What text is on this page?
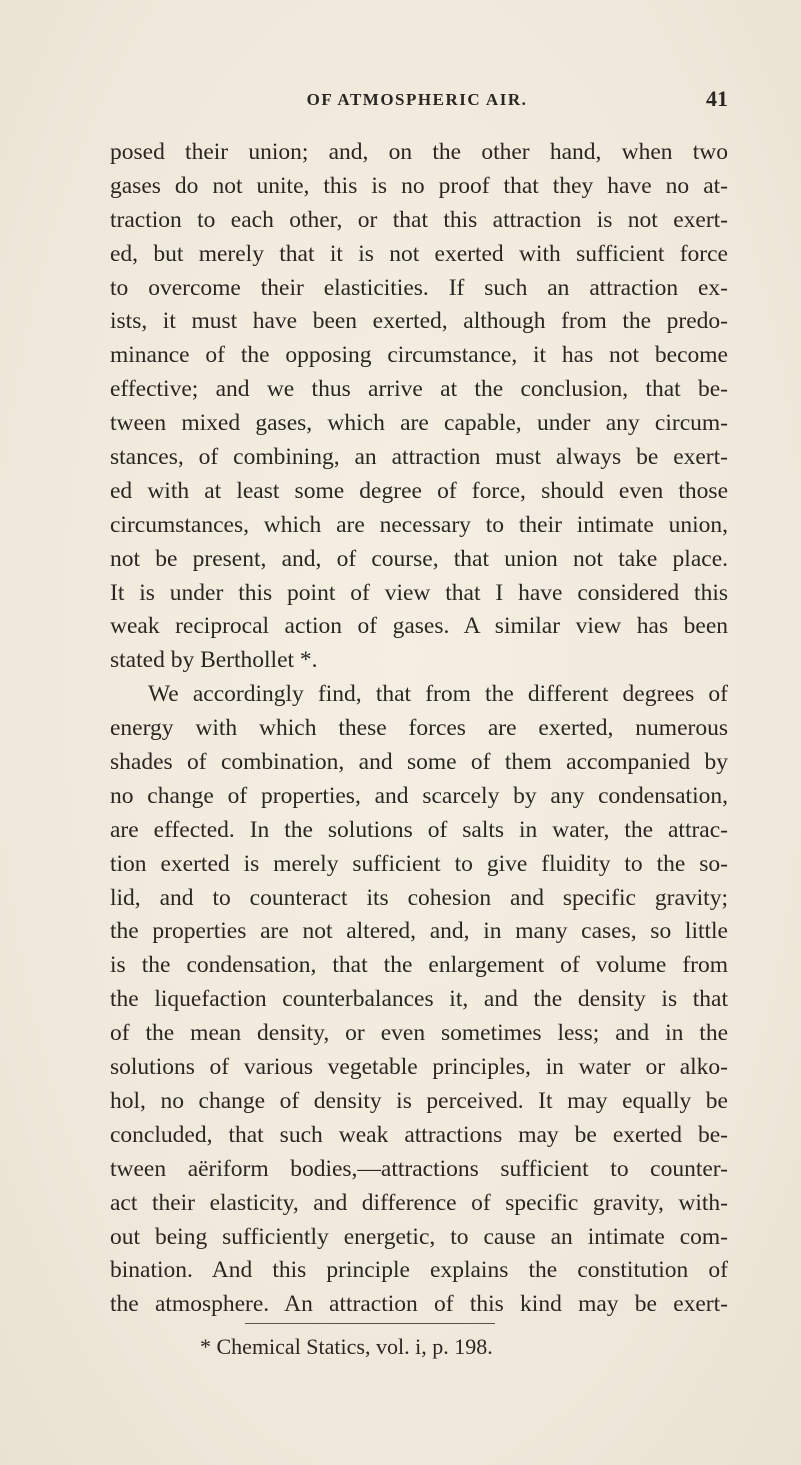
OF ATMOSPHERIC AIR.	41
posed their union; and, on the other hand, when two
gases do not unite, this is no proof that they have no at-
traction to each other, or that this attraction is not exert-
ed, but merely that it is not exerted with sufficient force
to overcome their elasticities. If such an attraction ex-
ists, it must have been exerted, although from the predo-
minance of the opposing circumstance, it has not become
effective; and we thus arrive at the conclusion, that be-
tween mixed gases, which are capable, under any circum-
stances, of combining, an attraction must always be exert-
ed with at least some degree of force, should even those
circumstances, which are necessary to their intimate union,
not be present, and, of course, that union not take place.
It is under this point of view that I have considered this
weak reciprocal action of gases. A similar view has been
stated by Berthollet *.
We accordingly find, that from the different degrees of
energy with which these forces are exerted, numerous
shades of combination, and some of them accompanied by
no change of properties, and scarcely by any condensation,
are effected. In the solutions of salts in water, the attrac-
tion exerted is merely sufficient to give fluidity to the so-
lid, and to counteract its cohesion and specific gravity;
the properties are not altered, and, in many cases, so little
is the condensation, that the enlargement of volume from
the liquefaction counterbalances it, and the density is that
of the mean density, or even sometimes less; and in the
solutions of various vegetable principles, in water or alko-
hol, no change of density is perceived. It may equally be
concluded, that such weak attractions may be exerted be-
tween aëriform bodies,—attractions sufficient to counter-
act their elasticity, and difference of specific gravity, with-
out being sufficiently energetic, to cause an intimate com-
bination. And this principle explains the constitution of
the atmosphere. An attraction of this kind may be exert-
* Chemical Statics, vol. i, p. 198.
